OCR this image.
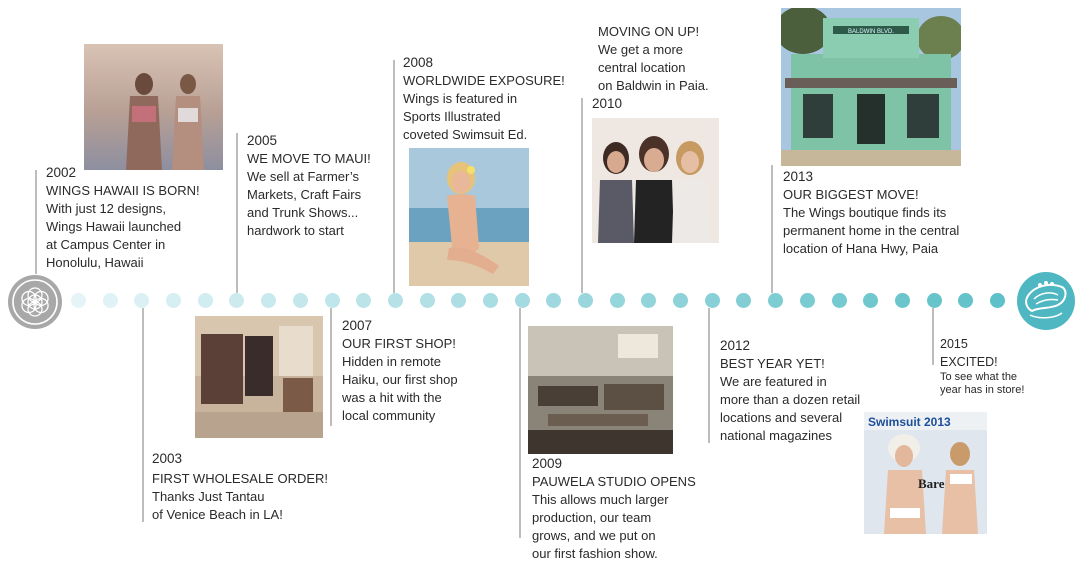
2002
WINGS HAWAII IS BORN!
With just 12 designs,
Wings Hawaii launched
at Campus Center in
Honolulu, Hawaii
2003
FIRST WHOLESALE ORDER!
Thanks Just Tantau
of Venice Beach in LA!
2005
WE MOVE TO MAUI!
We sell at Farmer’s
Markets, Craft Fairs
and Trunk Shows...
hardwork to start
2007
OUR FIRST SHOP!
Hidden in remote
Haiku, our first shop
was a hit with the
local community
2008
WORLDWIDE EXPOSURE!
Wings is featured in
Sports Illustrated
coveted Swimsuit Ed.
2009
PAUWELA STUDIO OPENS
This allows much larger
production, our team
grows, and we put on
our first fashion show.
MOVING ON UP!
We get a more
central location
on Baldwin in Paia.
2010
2012
BEST YEAR YET!
We are featured in
more than a dozen retail
locations and several
national magazines
2013
OUR BIGGEST MOVE!
The Wings boutique finds its
permanent home in the central
location of Hana Hwy, Paia
2015
EXCITED!
To see what the
year has in store!
BALDWIN BLVD.
Swimsuit 2013
Bare
